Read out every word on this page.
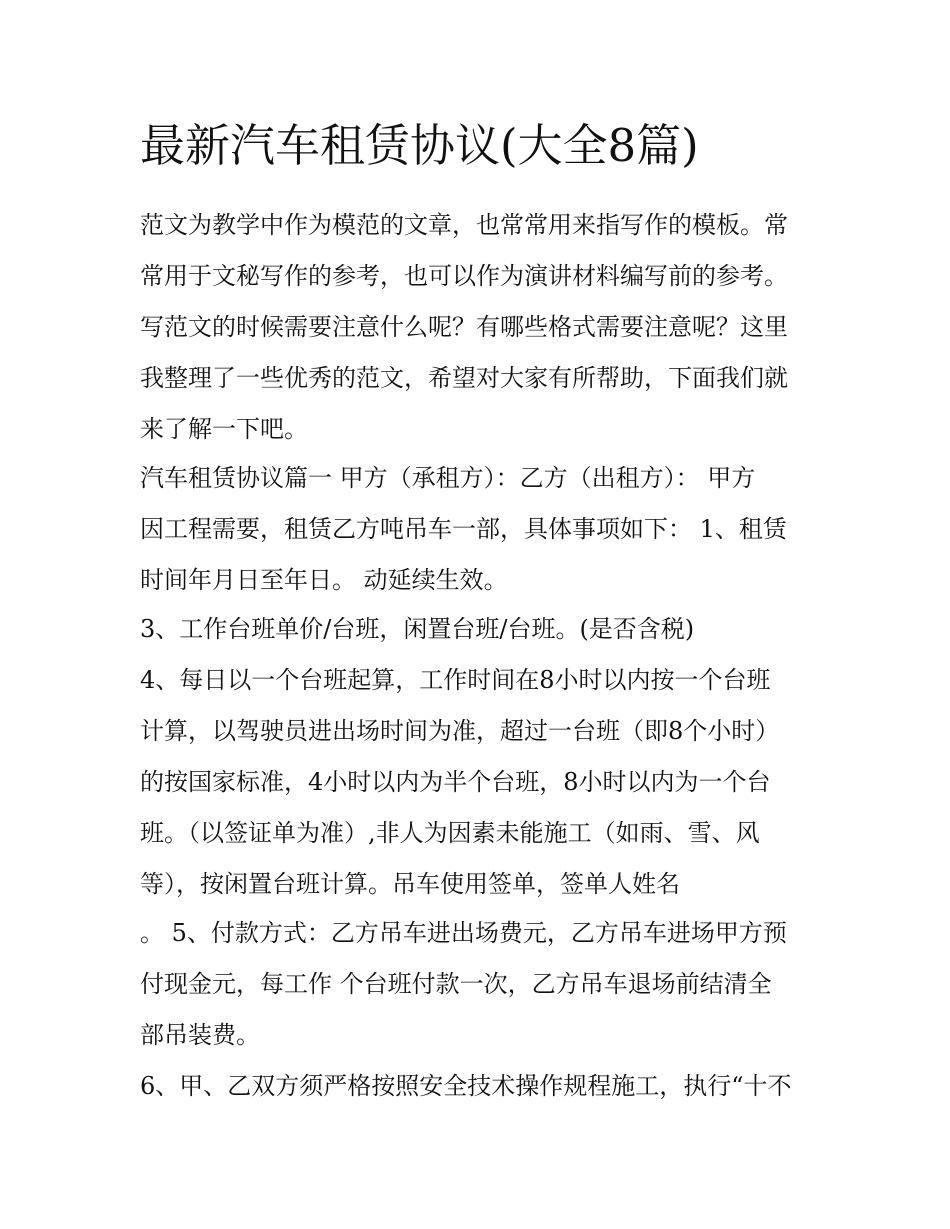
最新汽车租赁协议(大全8篇)

范文为教学中作为模范的文章，也常常用来指写作的模板。常
常用于文秘写作的参考，也可以作为演讲材料编写前的参考。
写范文的时候需要注意什么呢？有哪些格式需要注意呢？这里
我整理了一些优秀的范文，希望对大家有所帮助，下面我们就
来了解一下吧。

汽车租赁协议篇一 甲方（承租方）：乙方（出租方）： 甲方
因工程需要，租赁乙方吨吊车一部，具体事项如下： 1、租赁
时间年月日至年日。 动延续生效。

3、工作台班单价/台班，闲置台班/台班。(是否含税)

4、每日以一个台班起算，工作时间在8小时以内按一个台班
计算，以驾驶员进出场时间为准，超过一台班（即8个小时）
的按国家标准，4小时以内为半个台班，8小时以内为一个台
班。（以签证单为准）,非人为因素未能施工（如雨、雪、风
等），按闲置台班计算。吊车使用签单，签单人姓名

。 5、付款方式：乙方吊车进出场费元，乙方吊车进场甲方预
付现金元，每工作 个台班付款一次，乙方吊车退场前结清全
部吊装费。

6、甲、乙双方须严格按照安全技术操作规程施工，执行“十不
